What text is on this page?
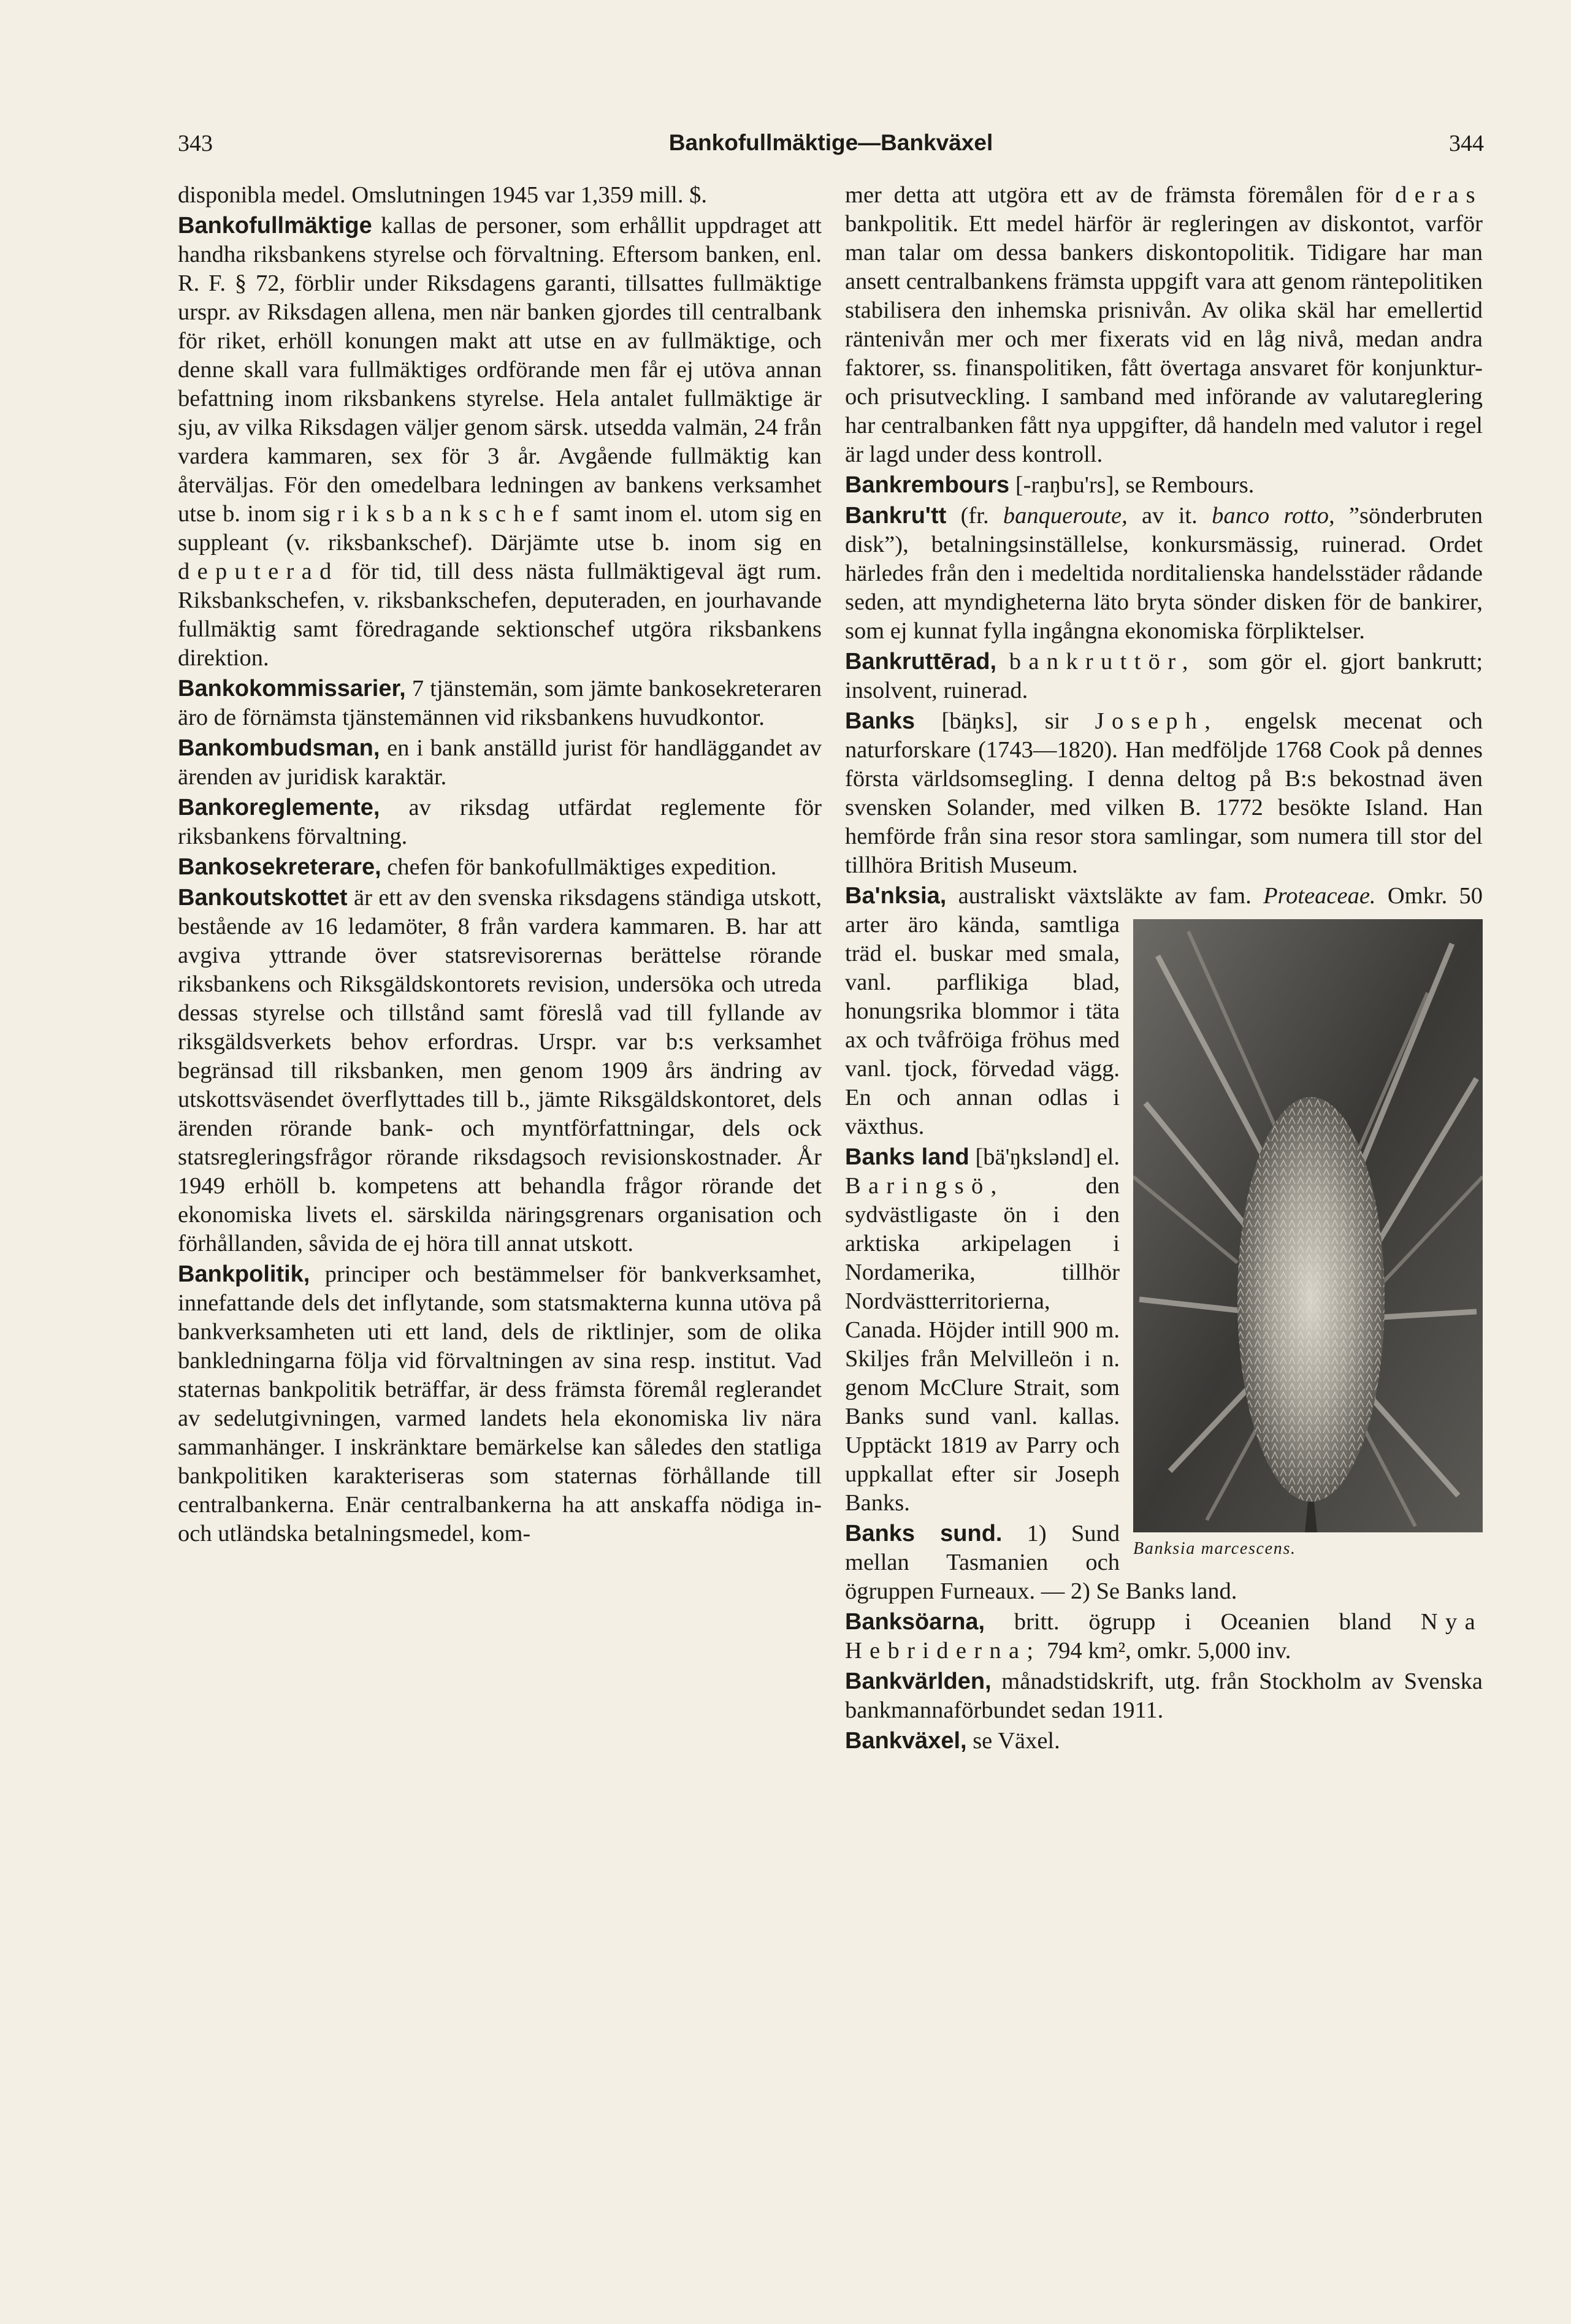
343	Bankofullmäktige—Bankväxel	344

disponibla medel. Omslutningen 1945 var 1,359 mill. $.

Bankofullmäktige kallas de personer, som erhållit uppdraget att handha riksbankens styrelse och förvaltning. Eftersom banken, enl. R. F. § 72, förblir under Riksdagens garanti, tillsattes fullmäktige urspr. av Riksdagen allena, men när banken gjordes till centralbank för riket, erhöll konungen makt att utse en av fullmäktige, och denne skall vara fullmäktiges ordförande men får ej utöva annan befattning inom riksbankens styrelse. Hela antalet fullmäktige är sju, av vilka Riksdagen väljer genom särsk. utsedda valmän, 24 från vardera kammaren, sex för 3 år. Avgående fullmäktig kan återväljas. För den omedelbara ledningen av bankens verksamhet utse b. inom sig riksbankschef samt inom el. utom sig en suppleant (v. riksbankschef). Därjämte utse b. inom sig en deputerad för tid, till dess nästa fullmäktigeval ägt rum. Riksbankschefen, v. riksbankschefen, deputeraden, en jourhavande fullmäktig samt föredragande sektionschef utgöra riksbankens direktion.

Bankokommissarier, 7 tjänstemän, som jämte bankosekreteraren äro de förnämsta tjänstemännen vid riksbankens huvudkontor.

Bankombudsman, en i bank anställd jurist för handläggandet av ärenden av juridisk karaktär.

Bankoreglemente, av riksdag utfärdat reglemente för riksbankens förvaltning.

Bankosekreterare, chefen för bankofullmäktiges expedition.

Bankoutskottet är ett av den svenska riksdagens ständiga utskott, bestående av 16 ledamöter, 8 från vardera kammaren. B. har att avgiva yttrande över statsrevisorernas berättelse rörande riksbankens och Riksgäldskontorets revision, undersöka och utreda dessas styrelse och tillstånd samt föreslå vad till fyllande av riksgäldsverkets behov erfordras. Urspr. var b:s verksamhet begränsad till riksbanken, men genom 1909 års ändring av utskottsväsendet överflyttades till b., jämte Riksgäldskontoret, dels ärenden rörande bank- och myntförfattningar, dels ock statsregleringsfrågor rörande riksdagsoch revisionskostnader. År 1949 erhöll b. kompetens att behandla frågor rörande det ekonomiska livets el. särskilda näringsgrenars organisation och förhållanden, såvida de ej höra till annat utskott.

Bankpolitik, principer och bestämmelser för bankverksamhet, innefattande dels det inflytande, som statsmakterna kunna utöva på bankverksamheten uti ett land, dels de riktlinjer, som de olika bankledningarna följa vid förvaltningen av sina resp. institut. Vad staternas bankpolitik beträffar, är dess främsta föremål reglerandet av sedelutgivningen, varmed landets hela ekonomiska liv nära sammanhänger. I inskränktare bemärkelse kan således den statliga bankpolitiken karakteriseras som staternas förhållande till centralbankerna. Enär centralbankerna ha att anskaffa nödiga in- och utländska betalningsmedel, kom-

mer detta att utgöra ett av de främsta föremålen för deras bankpolitik. Ett medel härför är regleringen av diskontot, varför man talar om dessa bankers diskontopolitik. Tidigare har man ansett centralbankens främsta uppgift vara att genom räntepolitiken stabilisera den inhemska prisnivån. Av olika skäl har emellertid räntenivån mer och mer fixerats vid en låg nivå, medan andra faktorer, ss. finanspolitiken, fått övertaga ansvaret för konjunktur- och prisutveckling. I samband med införande av valutareglering har centralbanken fått nya uppgifter, då handeln med valutor i regel är lagd under dess kontroll.

Bankrembours [-raŋbu'rs], se Rembours.

Bankru'tt (fr. banqueroute, av it. banco rotto, ”sönderbruten disk”), betalningsinställelse, konkursmässig, ruinerad. Ordet härledes från den i medeltida norditalienska handelsstäder rådande seden, att myndigheterna läto bryta sönder disken för de bankirer, som ej kunnat fylla ingångna ekonomiska förpliktelser.

Bankruttērad, bankruttör, som gör el. gjort bankrutt; insolvent, ruinerad.

Banks [bäŋks], sir Joseph, engelsk mecenat och naturforskare (1743—1820). Han medföljde 1768 Cook på dennes första världsomsegling. I denna deltog på B:s bekostnad även svensken Solander, med vilken B. 1772 besökte Island. Han hemförde från sina resor stora samlingar, som numera till stor del tillhöra British Museum.

Ba'nksia, australiskt växtsläkte av fam. Proteaceae.
Banksia marcescens.
Omkr. 50 arter äro kända, samtliga träd el. buskar med smala, vanl. parflikiga blad, honungsrika blommor i täta ax och tvåfröiga fröhus med vanl. tjock, förvedad vägg. En och annan odlas i växthus.

Banks land [bä'ŋkslənd] el. Baringsö, den sydvästligaste ön i den arktiska arkipelagen i Nordamerika, tillhör Nordvästterritorierna, Canada. Höjder intill 900 m. Skiljes från Melvilleön i n. genom McClure Strait, som Banks sund vanl. kallas. Upptäckt 1819 av Parry och uppkallat efter sir Joseph Banks.

Banks sund. 1) Sund mellan Tasmanien och ögruppen Furneaux. — 2) Se Banks land.

Banksöarna, britt. ögrupp i Oceanien bland Nya Hebriderna; 794 km², omkr. 5,000 inv.

Bankvärlden, månadstidskrift, utg. från Stockholm av Svenska bankmannaförbundet sedan 1911.

Bankväxel, se Växel.
